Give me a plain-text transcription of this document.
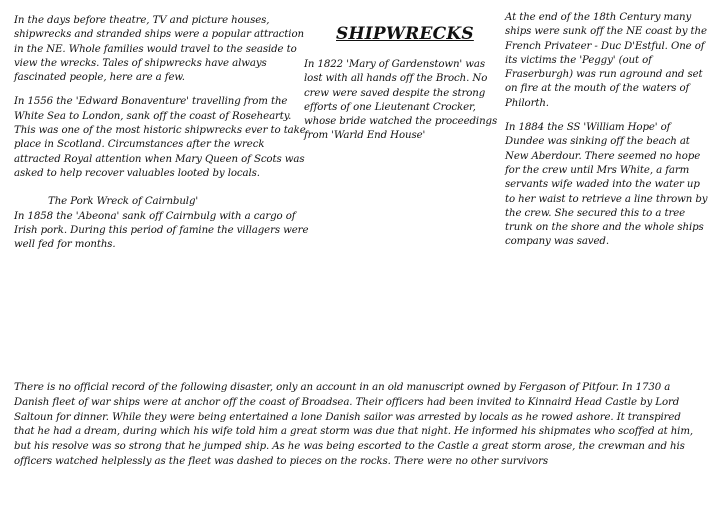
SHIPWRECKS

In the days before theatre, TV and picture houses, shipwrecks and stranded ships were a popular attraction in the NE. Whole families would travel to the seaside to view the wrecks. Tales of shipwrecks have always fascinated people, here are a few.

In 1556 the 'Edward Bonaventure' travelling from the White Sea to London, sank off the coast of Rosehearty. This was one of the most historic shipwrecks ever to take place in Scotland. Circumstances after the wreck attracted Royal attention when Mary Queen of Scots was asked to help recover valuables looted by locals.

The Pork Wreck of Cairnbulg'
In 1858 the 'Abeona' sank off Cairnbulg with a cargo of Irish pork. During this period of famine the villagers were well fed for months.

In 1822 'Mary of Gardenstown' was lost with all hands off the Broch. No crew were saved despite the strong efforts of one Lieutenant Crocker, whose bride watched the proceedings from 'Warld End House'

At the end of the 18th Century many ships were sunk off the NE coast by the French Privateer - Duc D'Estful. One of its victims the 'Peggy' (out of Fraserburgh) was run aground and set on fire at the mouth of the waters of Philorth.

In 1884 the SS 'William Hope' of Dundee was sinking off the beach at New Aberdour. There seemed no hope for the crew until Mrs White, a farm servants wife waded into the water up to her waist to retrieve a line thrown by the crew. She secured this to a tree trunk on the shore and the whole ships company was saved.

There is no official record of the following disaster, only an account in an old manuscript owned by Fergason of Pitfour. In 1730 a Danish fleet of war ships were at anchor off the coast of Broadsea. Their officers had been invited to Kinnaird Head Castle by Lord Saltoun for dinner. While they were being entertained a lone Danish sailor was arrested by locals as he rowed ashore. It transpired that he had a dream, during which his wife told him a great storm was due that night. He informed his shipmates who scoffed at him, but his resolve was so strong that he jumped ship. As he was being escorted to the Castle a great storm arose, the crewman and his officers watched helplessly as the fleet was dashed to pieces on the rocks. There were no other survivors
